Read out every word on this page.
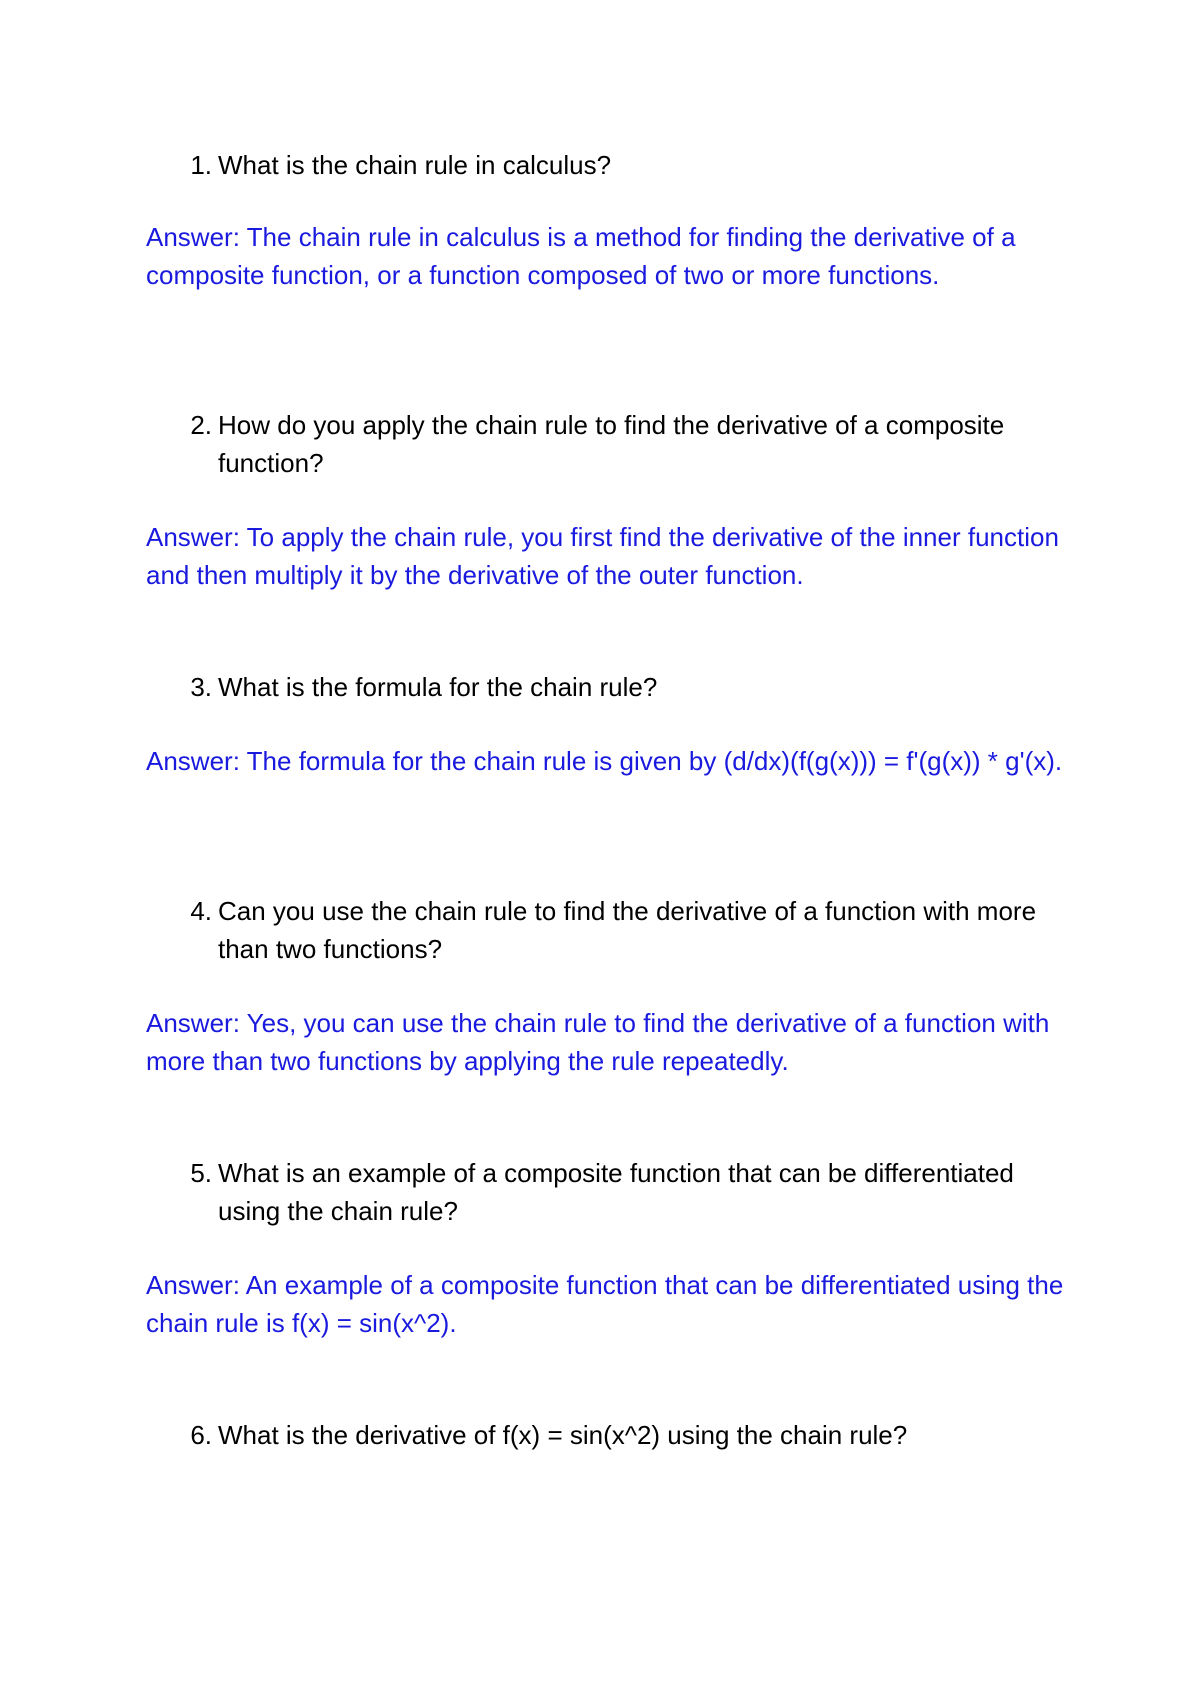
1. What is the chain rule in calculus?
Answer: The chain rule in calculus is a method for finding the derivative of a composite function, or a function composed of two or more functions.
2. How do you apply the chain rule to find the derivative of a composite function?
Answer: To apply the chain rule, you first find the derivative of the inner function and then multiply it by the derivative of the outer function.
3. What is the formula for the chain rule?
Answer: The formula for the chain rule is given by (d/dx)(f(g(x))) = f'(g(x)) * g'(x).
4. Can you use the chain rule to find the derivative of a function with more than two functions?
Answer: Yes, you can use the chain rule to find the derivative of a function with more than two functions by applying the rule repeatedly.
5. What is an example of a composite function that can be differentiated using the chain rule?
Answer: An example of a composite function that can be differentiated using the chain rule is f(x) = sin(x^2).
6. What is the derivative of f(x) = sin(x^2) using the chain rule?
